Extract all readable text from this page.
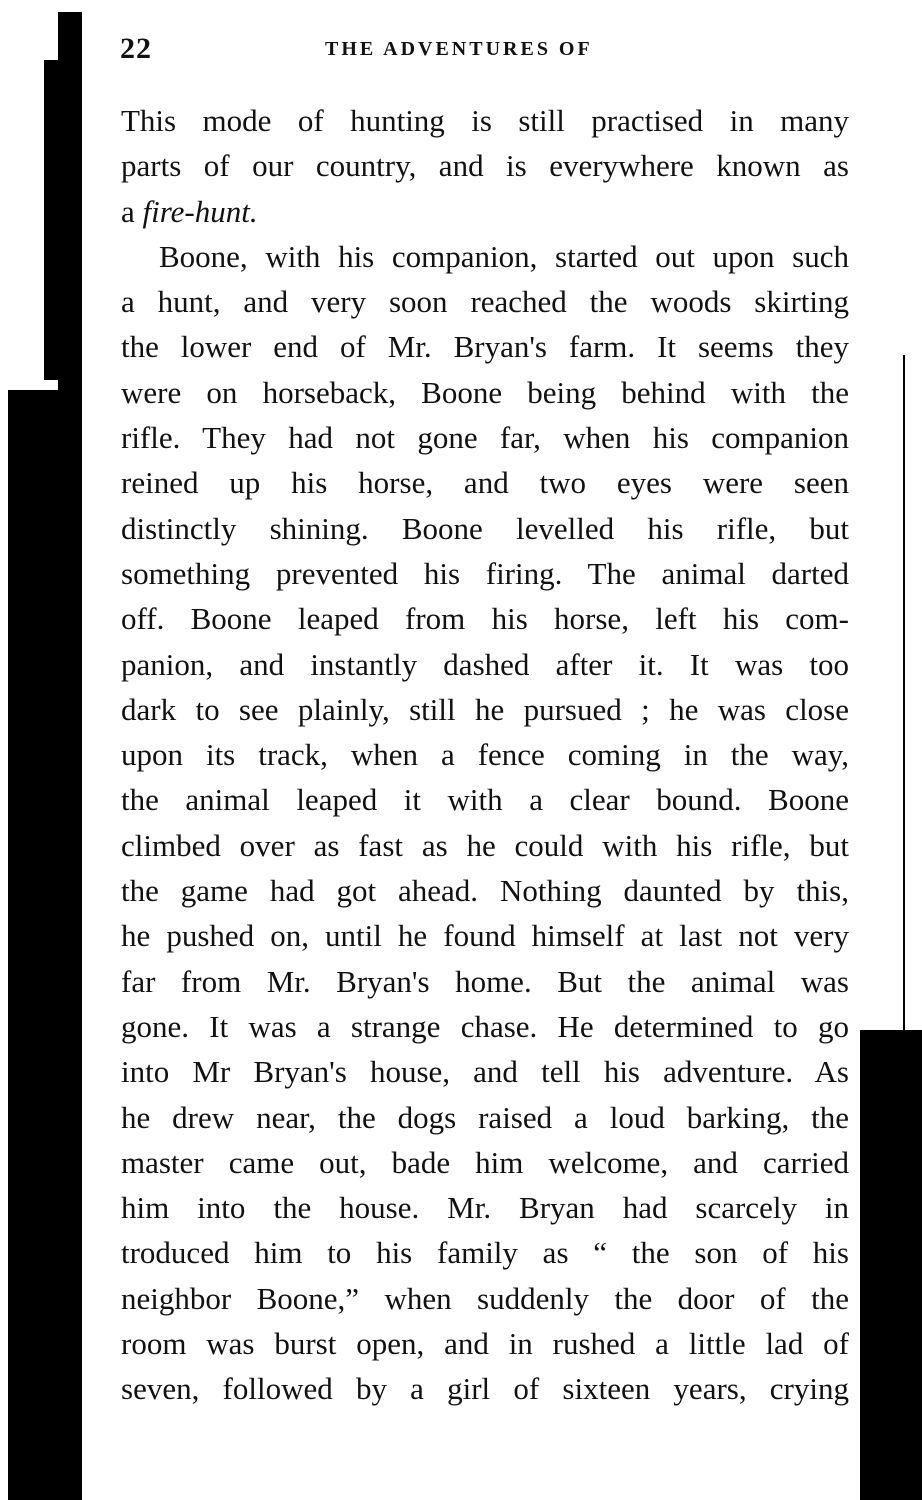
22	THE ADVENTURES OF
This mode of hunting is still practised in many
parts of our country, and is everywhere known as
a fire-hunt.
Boone, with his companion, started out upon such
a hunt, and very soon reached the woods skirting
the lower end of Mr. Bryan's farm. It seems they
were on horseback, Boone being behind with the
rifle. They had not gone far, when his companion
reined up his horse, and two eyes were seen
distinctly shining. Boone levelled his rifle, but
something prevented his firing. The animal darted
off. Boone leaped from his horse, left his com-
panion, and instantly dashed after it. It was too
dark to see plainly, still he pursued ; he was close
upon its track, when a fence coming in the way,
the animal leaped it with a clear bound. Boone
climbed over as fast as he could with his rifle, but
the game had got ahead. Nothing daunted by this,
he pushed on, until he found himself at last not very
far from Mr. Bryan's home. But the animal was
gone. It was a strange chase. He determined to go
into Mr Bryan's house, and tell his adventure. As
he drew near, the dogs raised a loud barking, the
master came out, bade him welcome, and carried
him into the house. Mr. Bryan had scarcely in
troduced him to his family as “ the son of his
neighbor Boone,” when suddenly the door of the
room was burst open, and in rushed a little lad of
seven, followed by a girl of sixteen years, crying
